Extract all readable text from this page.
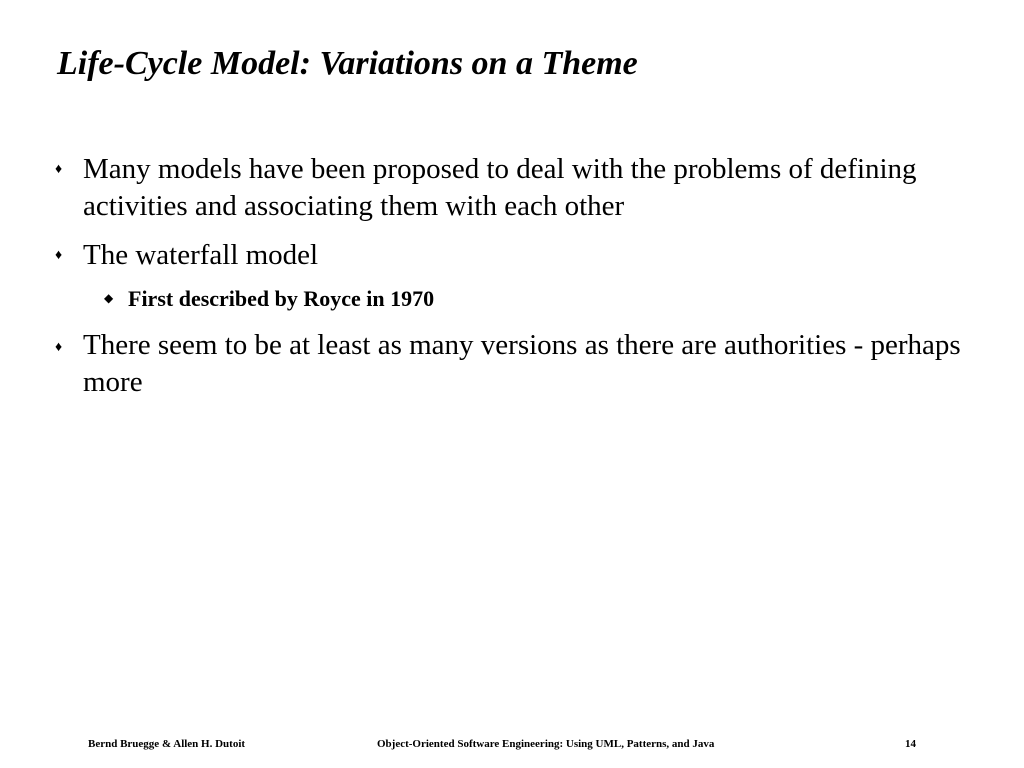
Life-Cycle Model: Variations on a Theme
♦ Many models have been proposed to deal with the problems of defining activities and associating them with each other
♦ The waterfall model
◆ First described by Royce in 1970
♦ There seem to be at least as many versions as there are authorities - perhaps more
Bernd Bruegge & Allen H. Dutoit	Object-Oriented Software Engineering: Using UML, Patterns, and Java	14
